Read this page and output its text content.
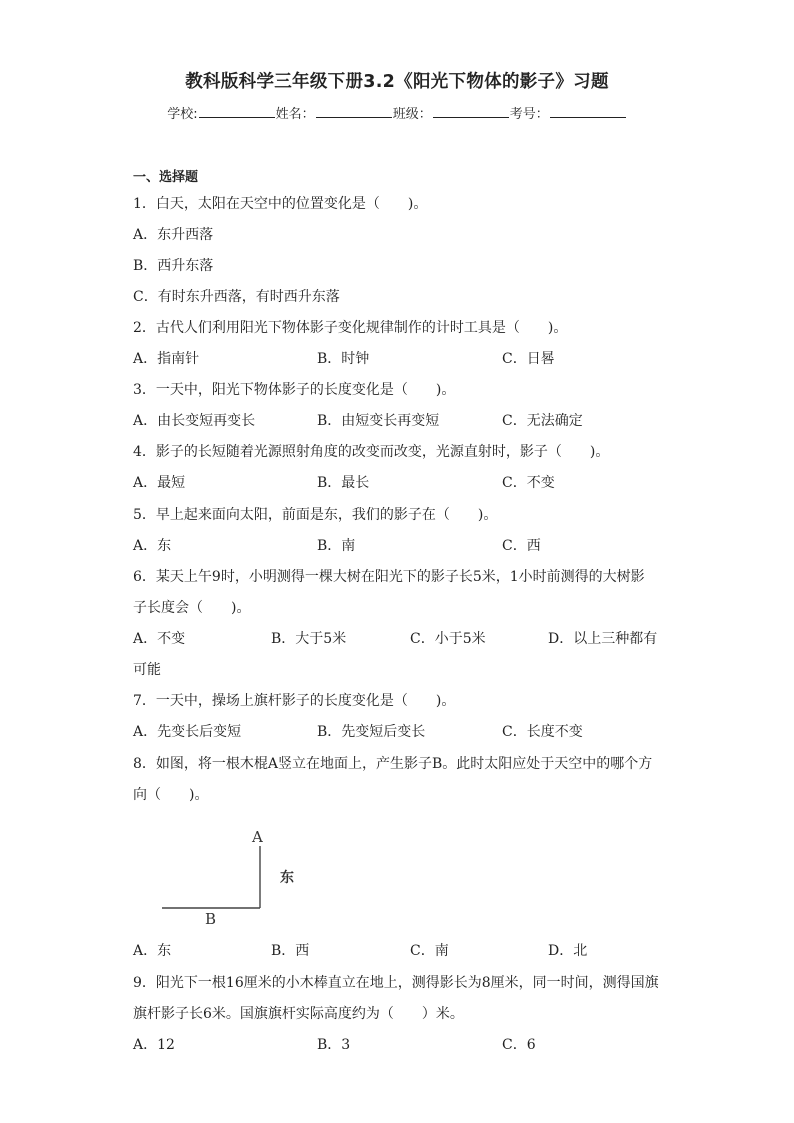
教科版科学三年级下册3.2《阳光下物体的影子》习题
学校:	姓名：	班级：	考号：
一、选择题
1．白天，太阳在天空中的位置变化是（　　)。
A．东升西落
B．西升东落
C．有时东升西落，有时西升东落
2．古代人们利用阳光下物体影子变化规律制作的计时工具是（　　)。
A．指南针	B．时钟	C．日晷
3．一天中，阳光下物体影子的长度变化是（　　)。
A．由长变短再变长	B．由短变长再变短	C．无法确定
4．影子的长短随着光源照射角度的改变而改变，光源直射时，影子（　　)。
A．最短	B．最长	C．不变
5．早上起来面向太阳，前面是东，我们的影子在（　　)。
A．东	B．南	C．西
6．某天上午9时，小明测得一棵大树在阳光下的影子长5米，1小时前测得的大树影
子长度会（　　)。
A．不变	B．大于5米	C．小于5米	D．以上三种都有
可能
7．一天中，操场上旗杆影子的长度变化是（　　)。
A．先变长后变短	B．先变短后变长	C．长度不变
8．如图，将一根木棍A竖立在地面上，产生影子B。此时太阳应处于天空中的哪个方
向（　　)。
A
B
东
A．东	B．西	C．南	D．北
9．阳光下一根16厘米的小木棒直立在地上，测得影长为8厘米，同一时间，测得国旗
旗杆影子长6米。国旗旗杆实际高度约为（　　）米。
A．12	B．3	C．6
